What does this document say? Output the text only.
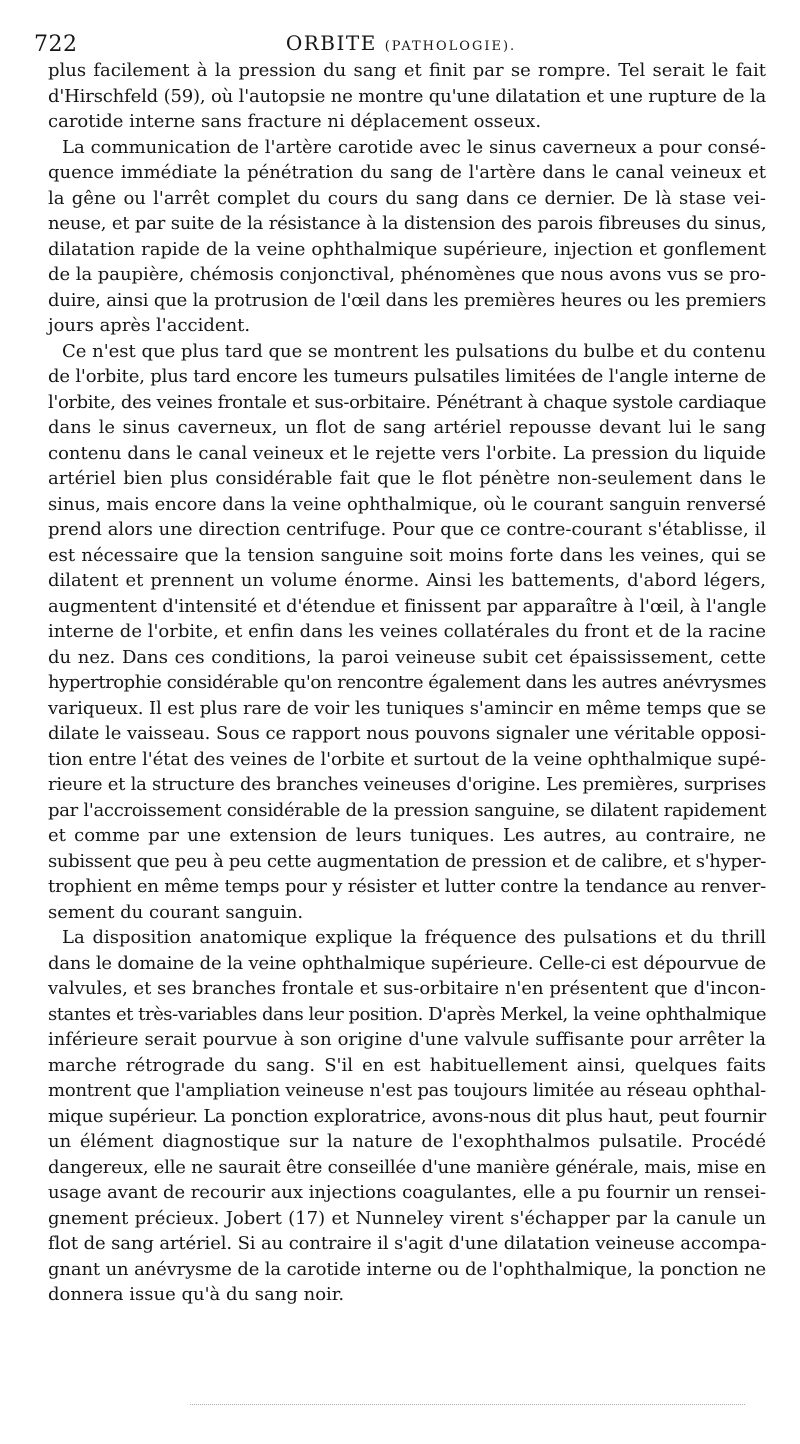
722	ORBITE (PATHOLOGIE).
plus facilement à la pression du sang et finit par se rompre. Tel serait le fait
d'Hirschfeld (59), où l'autopsie ne montre qu'une dilatation et une rupture de la
carotide interne sans fracture ni déplacement osseux.
La communication de l'artère carotide avec le sinus caverneux a pour consé-
quence immédiate la pénétration du sang de l'artère dans le canal veineux et
la gêne ou l'arrêt complet du cours du sang dans ce dernier. De là stase vei-
neuse, et par suite de la résistance à la distension des parois fibreuses du sinus,
dilatation rapide de la veine ophthalmique supérieure, injection et gonflement
de la paupière, chémosis conjonctival, phénomènes que nous avons vus se pro-
duire, ainsi que la protrusion de l'œil dans les premières heures ou les premiers
jours après l'accident.
Ce n'est que plus tard que se montrent les pulsations du bulbe et du contenu
de l'orbite, plus tard encore les tumeurs pulsatiles limitées de l'angle interne de
l'orbite, des veines frontale et sus-orbitaire. Pénétrant à chaque systole cardiaque
dans le sinus caverneux, un flot de sang artériel repousse devant lui le sang
contenu dans le canal veineux et le rejette vers l'orbite. La pression du liquide
artériel bien plus considérable fait que le flot pénètre non-seulement dans le
sinus, mais encore dans la veine ophthalmique, où le courant sanguin renversé
prend alors une direction centrifuge. Pour que ce contre-courant s'établisse, il
est nécessaire que la tension sanguine soit moins forte dans les veines, qui se
dilatent et prennent un volume énorme. Ainsi les battements, d'abord légers,
augmentent d'intensité et d'étendue et finissent par apparaître à l'œil, à l'angle
interne de l'orbite, et enfin dans les veines collatérales du front et de la racine
du nez. Dans ces conditions, la paroi veineuse subit cet épaississement, cette
hypertrophie considérable qu'on rencontre également dans les autres anévrysmes
variqueux. Il est plus rare de voir les tuniques s'amincir en même temps que se
dilate le vaisseau. Sous ce rapport nous pouvons signaler une véritable opposi-
tion entre l'état des veines de l'orbite et surtout de la veine ophthalmique supé-
rieure et la structure des branches veineuses d'origine. Les premières, surprises
par l'accroissement considérable de la pression sanguine, se dilatent rapidement
et comme par une extension de leurs tuniques. Les autres, au contraire, ne
subissent que peu à peu cette augmentation de pression et de calibre, et s'hyper-
trophient en même temps pour y résister et lutter contre la tendance au renver-
sement du courant sanguin.
La disposition anatomique explique la fréquence des pulsations et du thrill
dans le domaine de la veine ophthalmique supérieure. Celle-ci est dépourvue de
valvules, et ses branches frontale et sus-orbitaire n'en présentent que d'incon-
stantes et très-variables dans leur position. D'après Merkel, la veine ophthalmique
inférieure serait pourvue à son origine d'une valvule suffisante pour arrêter la
marche rétrograde du sang. S'il en est habituellement ainsi, quelques faits
montrent que l'ampliation veineuse n'est pas toujours limitée au réseau ophthal-
mique supérieur. La ponction exploratrice, avons-nous dit plus haut, peut fournir
un élément diagnostique sur la nature de l'exophthalmos pulsatile. Procédé
dangereux, elle ne saurait être conseillée d'une manière générale, mais, mise en
usage avant de recourir aux injections coagulantes, elle a pu fournir un rensei-
gnement précieux. Jobert (17) et Nunneley virent s'échapper par la canule un
flot de sang artériel. Si au contraire il s'agit d'une dilatation veineuse accompa-
gnant un anévrysme de la carotide interne ou de l'ophthalmique, la ponction ne
donnera issue qu'à du sang noir.
